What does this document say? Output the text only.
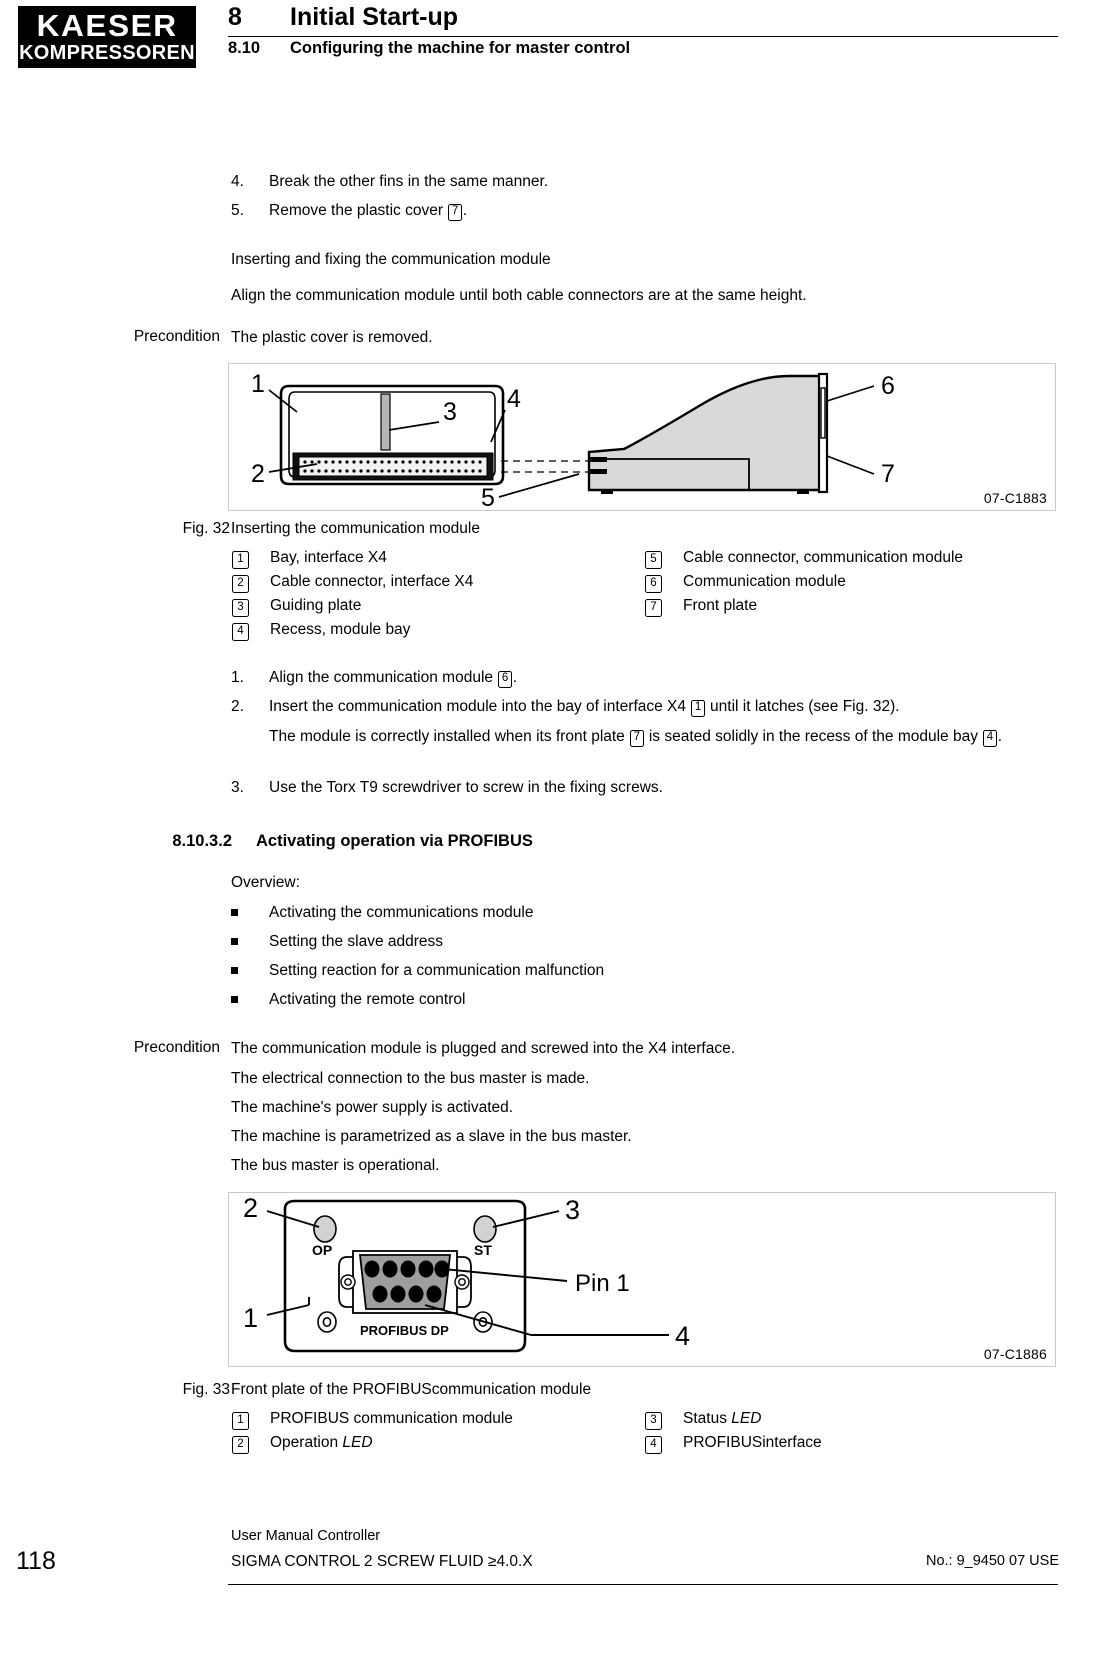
KAESER
KOMPRESSOREN
8	Initial Start-up
8.10	Configuring the machine for master control
4.	Break the other fins in the same manner.
5.	Remove the plastic cover 7 .
Inserting and fixing the communication module
Align the communication module until both cable connectors are at the same height.
Precondition The plastic cover is removed.
1
2
3 4
5
6
7
07-C1883
Fig. 32 Inserting the communication module
1	Bay, interface X4
2	Cable connector, interface X4
3	Guiding plate
4	Recess, module bay
5	Cable connector, communication module
6	Communication module
7	Front plate
1.	Align the communication module 6 .
2.	Insert the communication module into the bay of interface X4 1 until it latches (see Fig. 32).
The module is correctly installed when its front plate 7 is seated solidly in the recess of the module bay 4 .
3.	Use the Torx T9 screwdriver to screw in the fixing screws.
8.10.3.2 Activating operation via PROFIBUS
Overview:
Activating the communications module
Setting the slave address
Setting reaction for a communication malfunction
Activating the remote control
Precondition The communication module is plugged and screwed into the X4 interface.
The electrical connection to the bus master is made.
The machine's power supply is activated.
The machine is parametrized as a slave in the bus master.
The bus master is operational.
OP	ST
PROFIBUS DP
2
1
3
4
Pin 1
07-C1886
Fig. 33 Front plate of the PROFIBUScommunication module
1	PROFIBUS communication module
2	Operation LED
3	Status LED
4	PROFIBUSinterface
User Manual Controller
SIGMA CONTROL 2 SCREW FLUID ≥4.0.X	No.: 9_9450 07 USE
118
